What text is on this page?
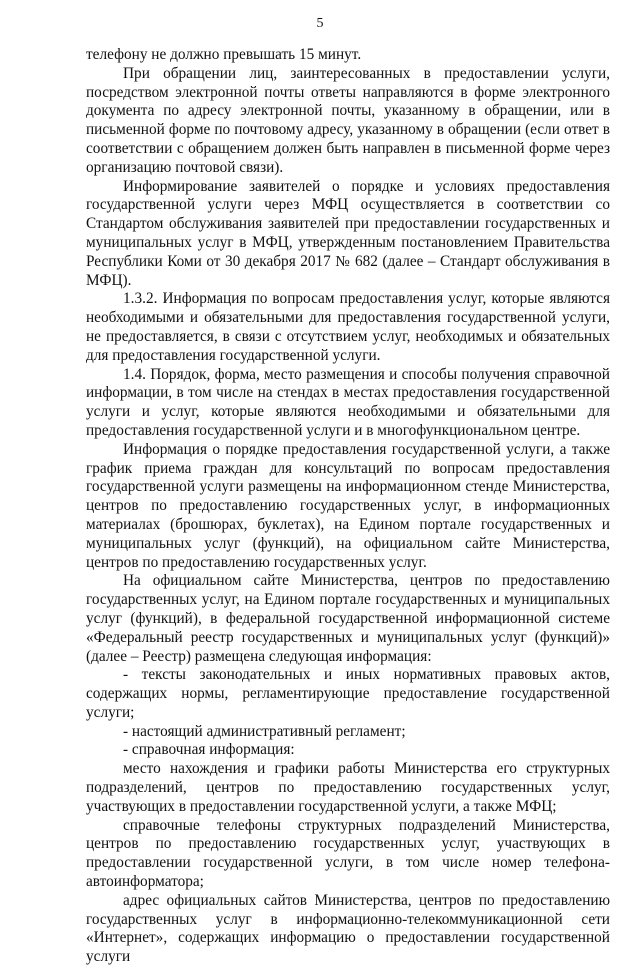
5

телефону не должно превышать 15 минут.

При обращении лиц, заинтересованных в предоставлении услуги, посредством электронной почты ответы направляются в форме электронного документа по адресу электронной почты, указанному в обращении, или в письменной форме по почтовому адресу, указанному в обращении (если ответ в соответствии с обращением должен быть направлен в письменной форме через организацию почтовой связи).

Информирование заявителей о порядке и условиях предоставления государственной услуги через МФЦ осуществляется в соответствии со Стандартом обслуживания заявителей при предоставлении государственных и муниципальных услуг в МФЦ, утвержденным постановлением Правительства Республики Коми от 30 декабря 2017 № 682 (далее – Стандарт обслуживания в МФЦ).

1.3.2. Информация по вопросам предоставления услуг, которые являются необходимыми и обязательными для предоставления государственной услуги, не предоставляется, в связи с отсутствием услуг, необходимых и обязательных для предоставления государственной услуги.

1.4. Порядок, форма, место размещения и способы получения справочной информации, в том числе на стендах в местах предоставления государственной услуги и услуг, которые являются необходимыми и обязательными для предоставления государственной услуги и в многофункциональном центре.

Информация о порядке предоставления государственной услуги, а также график приема граждан для консультаций по вопросам предоставления государственной услуги размещены на информационном стенде Министерства, центров по предоставлению государственных услуг, в информационных материалах (брошюрах, буклетах), на Едином портале государственных и муниципальных услуг (функций), на официальном сайте Министерства, центров по предоставлению государственных услуг.

На официальном сайте Министерства, центров по предоставлению государственных услуг, на Едином портале государственных и муниципальных услуг (функций), в федеральной государственной информационной системе «Федеральный реестр государственных и муниципальных услуг (функций)» (далее – Реестр) размещена следующая информация:

- тексты законодательных и иных нормативных правовых актов, содержащих нормы, регламентирующие предоставление государственной услуги;

- настоящий административный регламент;

- справочная информация:

место нахождения и графики работы Министерства его структурных подразделений, центров по предоставлению государственных услуг, участвующих в предоставлении государственной услуги, а также МФЦ;

справочные телефоны структурных подразделений Министерства, центров по предоставлению государственных услуг, участвующих в предоставлении государственной услуги, в том числе номер телефона-автоинформатора;

адрес официальных сайтов Министерства, центров по предоставлению государственных услуг в информационно-телекоммуникационной сети «Интернет», содержащих информацию о предоставлении государственной услуги
